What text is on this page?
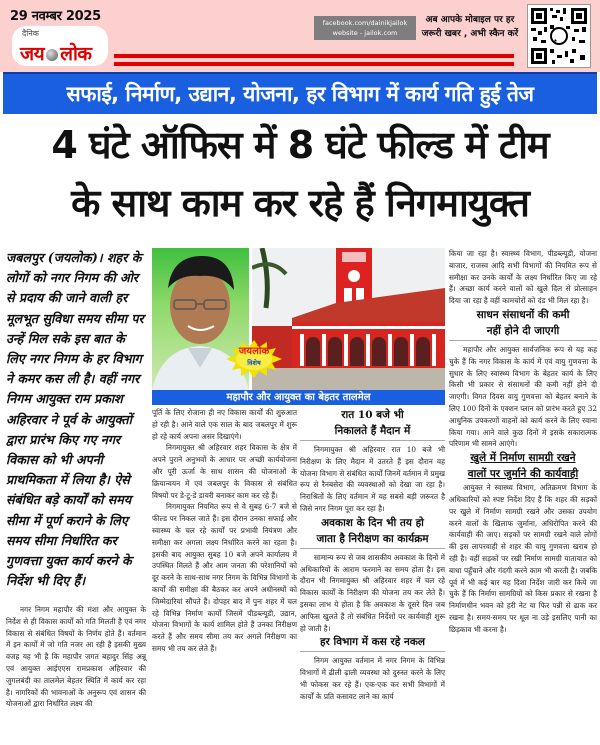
29 नवम्बर 2025
दैनिक
जय लोक
facebook.com/dainikjailok
website - jailok.com
अब आपके मोबाइल पर हर
जरूरी खबर , अभी स्कैन करें
सफाई, निर्माण, उद्यान, योजना, हर विभाग में कार्य गति हुई तेज
4 घंटे ऑफिस में 8 घंटे फील्ड में टीम
के साथ काम कर रहे हैं निगमायुक्त
जबलपुर (जयलोक)। शहर के लोगों को नगर निगम की ओर से प्रदाय की जाने वाली हर मूलभूत सुविधा समय सीमा पर उन्हें मिल सके इस बात के लिए नगर निगम के हर विभाग ने कमर कस ली है। वहीं नगर निगम आयुक्त राम प्रकाश अहिरवार ने पूर्व के आयुक्तों द्वारा प्रारंभ किए गए नगर विकास को भी अपनी प्राथमिकता में लिया है। ऐसे संबंधित बड़े कार्यों को समय सीमा में पूर्ण कराने के लिए समय सीमा निर्धारित कर गुणवत्ता युक्त कार्य करने के निर्देश भी दिए हैं।

नगर निगम महापौर की मंशा और आयुक्त के निर्देश से ही विकास कार्यों को गति मिलती है एवं नगर विकास से संबंधित विषयों के निर्णय होते हैं। वर्तमान में इन कार्यों में जो गति नजर आ रही है इसकी मुख्य वजह यह भी है कि महापौर जगत बहादुर सिंह अन्नू एवं आयुक्त आईएएस रामप्रकाश अहिरवार की जुगलबंदी का तालमेल बेहतर स्थिति में कार्य कर रहा है। नागरिकों की भावनाओं के अनुरूप एवं शासन की योजनाओं द्वारा निर्धारित लक्ष्य की

जयलोक
विशेष
महापौर और आयुक्त का बेहतर तालमेल

पूर्ति के लिए रोजाना ही नए विकास कार्यों की शुरुआत हो रही है। आने वाले एक साल के बाद जबलपुर में शुरू हो रहे कार्य अपना असर दिखाएंगे।

निगमायुक्त श्री अहिरवार शहर विकास के क्षेत्र में अपने पुराने अनुभवों के आधार पर अच्छी कार्ययोजना और पूरी ऊर्जा के साथ शासन की योजनाओं के क्रियान्वयन में एवं जबलपुर के विकास से संबंधित विषयों पर डे-टू-डे डायरी बनाकर काम कर रहे हैं।

निगमायुक्त नियमित रूप से वे सुबह 6-7 बजे से फील्ड पर निकल जाते हैं। इस दौरान उनका सफाई और स्वास्थ्य के चल रहे कार्यों पर प्रभावी नियंत्रण और समीक्षा कर अगला लक्ष्य निर्धारित करने का रहता है। इसकी बाद आयुक्त सुबह 10 बजे अपने कार्यालय में उपस्थित मिलते हैं और आम जनता की परेशानियों को दूर करने के साथ-साथ नगर निगम के विभिन्न विभागों के कार्यों की समीक्षा की बैठकर कर अपने अधीनस्थों को जिम्मेदारियां सौंपते हैं। दोपहर बाद में पुनः शहर में चल रहे विभिन्न निर्माण कार्यों जिसमें पीडब्ल्यूडी, उद्यान, योजना विभागों के कार्य शामिल होते हैं उनका निरीक्षण करते हैं और समय सीमा तय कर अगले निरीक्षण का समय भी तय कर लेते हैं।

रात 10 बजे भी
निकालते हैं मैदान में

निगमायुक्त श्री अहिरवार रात 10 बजे भी निरीक्षण के लिए मैदान में उतरते हैं इस दौरान वह योजना विभाग से संबंधित कार्यों जिनमें वर्तमान में प्रमुख रूप से रैनबसेरा की व्यवस्थाओं को देखा जा रहा है। निराश्रितों के लिए वर्तमान में यह सबसे बड़ी जरूरत है जिसे नगर निगम पूरा कर रहा है।

अवकाश के दिन भी तय हो
जाता है निरीक्षण का कार्यक्रम

सामान्य रूप से जब शासकीय अवकाश के दिनों में अधिकारियों के आराम फरमाने का समय होता है। इस दौरान भी निगमायुक्त श्री अहिरवार शहर में चल रहे विकास कार्यों के निरीक्षण की योजना तय कर लेते हैं। इसका लाभ ये होता है कि अवकाश के दूसरे दिन जब आफिस खुलते हैं तो संबंधित निर्देशों पर कार्यवाही शुरू हो जाती है।

हर विभाग में कस रहे नकल

निगम आयुक्त वर्तमान में नगर निगम के विभिन्न विभागों में ढीली ढ़ाली व्यवस्था को दुरुस्त करने के लिए भी फोकस कर रहे हैं। एक-एक कर सभी विभागों में कार्यों के प्रति कसावट लाने का कार्य

किया जा रहा है। स्वास्थ्य विभाग, पीडब्ल्यूडी, योजना बाजार, राजस्व आदि सभी विभागों की नियमित रूप से समीक्षा कर उनके कार्यों के लक्ष्य निर्धारित किए जा रहे हैं। अच्छा कार्य करने वालों को खुले दिल से प्रोत्साहन दिया जा रहा है वहीं कामचोरों को दंड भी मिल रहा है।

साधन संसाधनों की कमी
नहीं होने दी जाएगी

महापौर और आयुक्त सार्वजनिक रूप से यह कह चुके हैं कि नगर विकास के कार्य में एवं वायु गुणवत्ता के सुधार के लिए स्वास्थ्य विभाग के बेहतर कार्य के लिए किसी भी प्रकार से संसाधनों की कमी नहीं होने दी जाएगी। विगत दिवस वायु गुणवत्ता को बेहतर बनाने के लिए 100 दिनों के एक्शन प्लान को प्रारंभ करते हुए 32 आधुनिक उपकरणों वाहनों को कार्य करने के लिए रवाना किया गया। आने वाले कुछ दिनों में इसके सकारात्मक परिणाम भी सामने आएंगे।

खुले में निर्माण सामग्री रखने
वालों पर जुर्माने की कार्यवाही

आयुक्त ने स्वास्थ्य विभाग, अतिक्रमण विभाग के अधिकारियों को स्पष्ट निर्देश दिए हैं कि शहर की सड़कों पर खुले में निर्माण सामग्री रखने और उसका उपयोग करने वालों के खिलाफ जुर्माना, अधिरोपित करने की कार्यवाही की जाए। सड़कों पर सामग्री रखने वाले लोगों की इस लापरवाही से शहर की वायु गुणवत्ता खराब हो रही है। वहीं सड़कों पर रखी निर्माण सामग्री यातायात को बाधा पहुँचाने और गंदगी करने काम भी करती है। जबकि पूर्व में भी कई बार यह दिशा निर्देश जारी कर किये जा चुके हैं कि निर्माण सामग्रियों को किस प्रकार से रखना है निर्माणधीन भवन को हरी नेट या फिर पन्नी से ढाक कर रखना है। समय-समय पर धूल ना उड़े इसलिए पानी का छिड़काव भी करना है।
